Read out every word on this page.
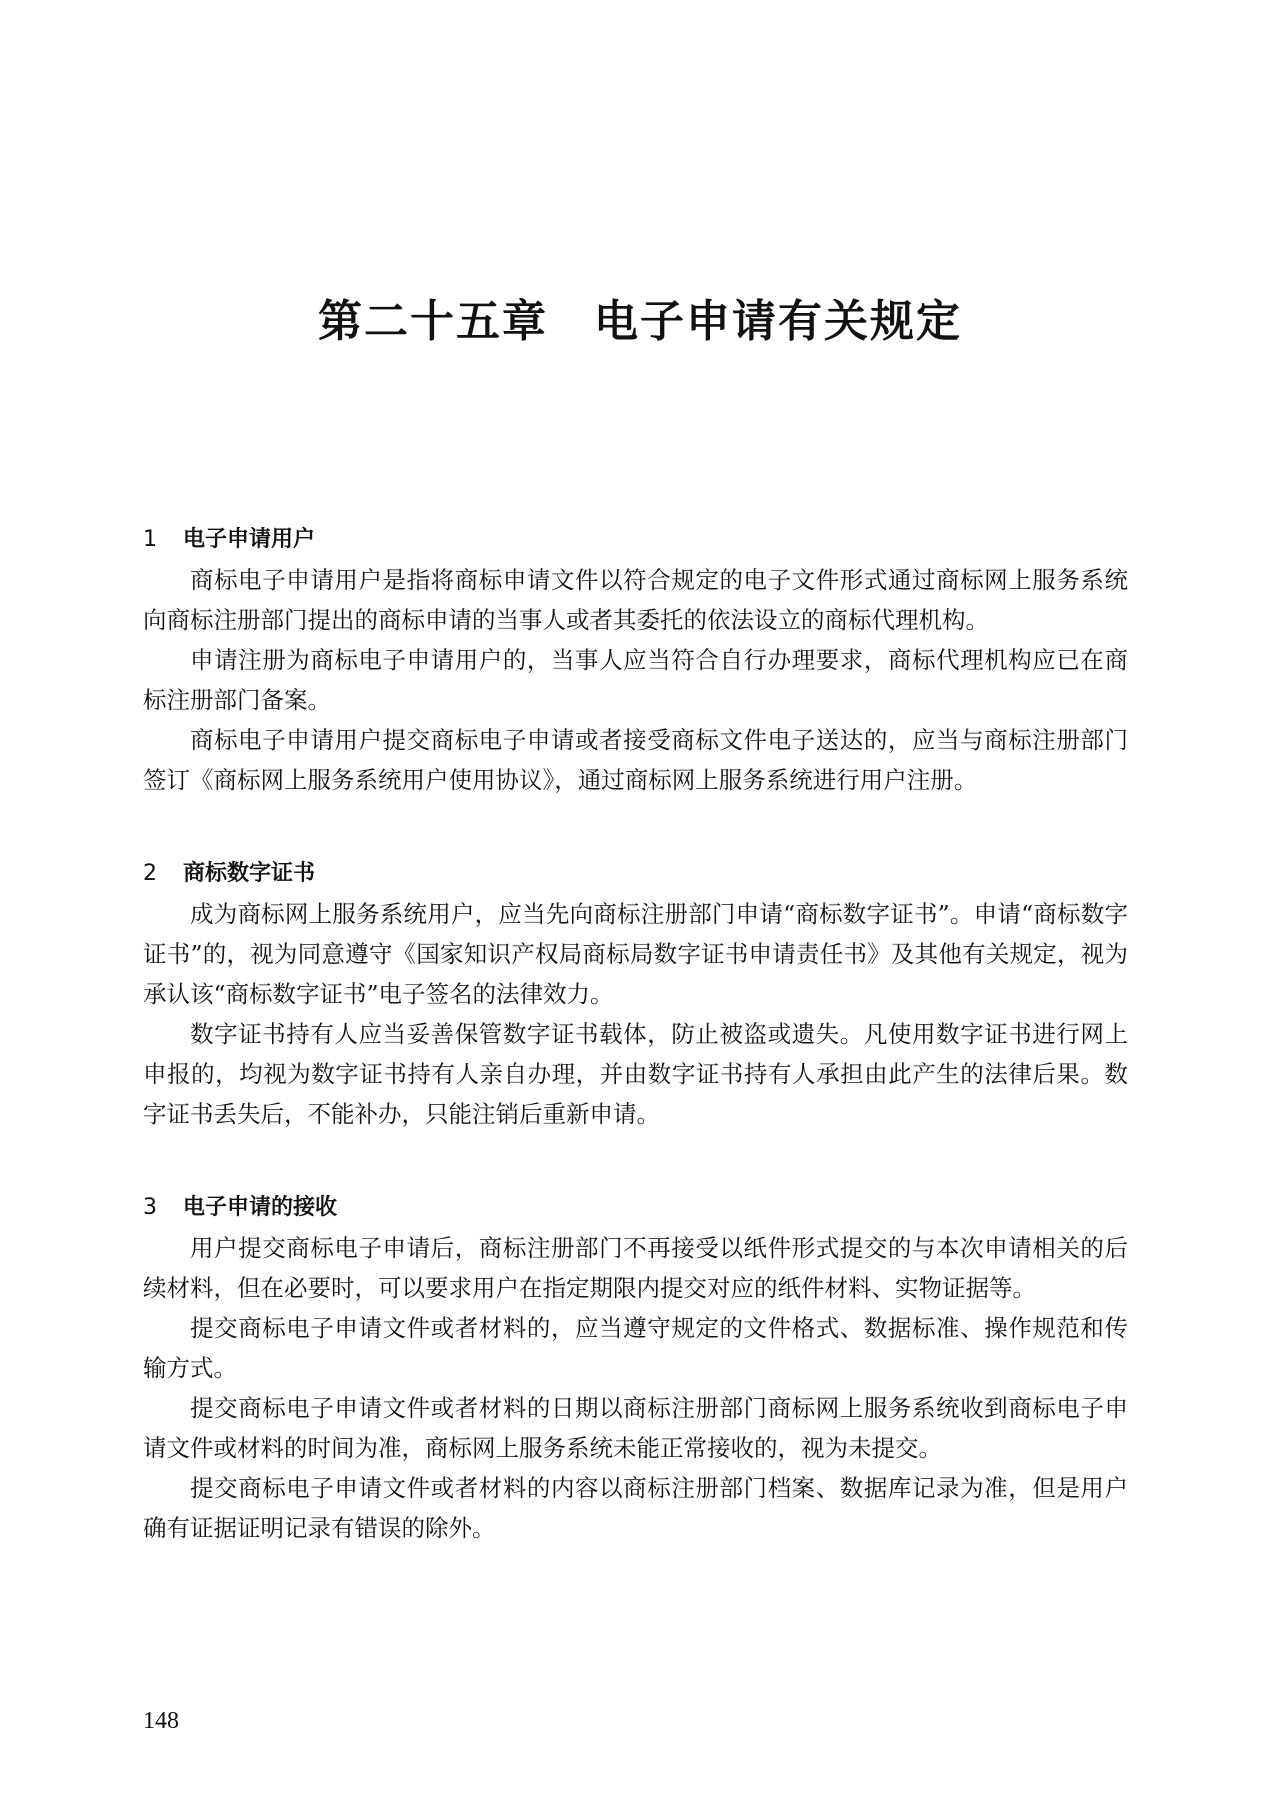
第二十五章　电子申请有关规定
1 电子申请用户

商标电子申请用户是指将商标申请文件以符合规定的电子文件形式通过商标网上服务系统向商标注册部门提出的商标申请的当事人或者其委托的依法设立的商标代理机构。

申请注册为商标电子申请用户的，当事人应当符合自行办理要求，商标代理机构应已在商标注册部门备案。

商标电子申请用户提交商标电子申请或者接受商标文件电子送达的，应当与商标注册部门签订《商标网上服务系统用户使用协议》，通过商标网上服务系统进行用户注册。

2 商标数字证书

成为商标网上服务系统用户，应当先向商标注册部门申请“商标数字证书”。申请“商标数字证书”的，视为同意遵守《国家知识产权局商标局数字证书申请责任书》及其他有关规定，视为承认该“商标数字证书”电子签名的法律效力。

数字证书持有人应当妥善保管数字证书载体，防止被盗或遗失。凡使用数字证书进行网上申报的，均视为数字证书持有人亲自办理，并由数字证书持有人承担由此产生的法律后果。数字证书丢失后，不能补办，只能注销后重新申请。

3 电子申请的接收

用户提交商标电子申请后，商标注册部门不再接受以纸件形式提交的与本次申请相关的后续材料，但在必要时，可以要求用户在指定期限内提交对应的纸件材料、实物证据等。

提交商标电子申请文件或者材料的，应当遵守规定的文件格式、数据标准、操作规范和传输方式。

提交商标电子申请文件或者材料的日期以商标注册部门商标网上服务系统收到商标电子申请文件或材料的时间为准，商标网上服务系统未能正常接收的，视为未提交。

提交商标电子申请文件或者材料的内容以商标注册部门档案、数据库记录为准，但是用户确有证据证明记录有错误的除外。

148
